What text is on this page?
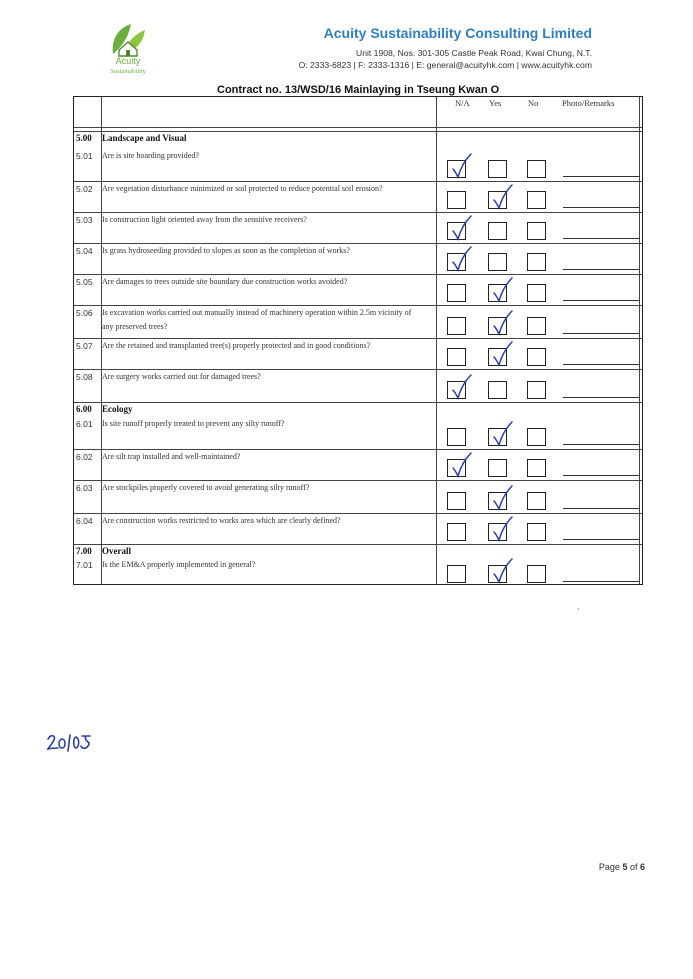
Acuity
Sustainability
Acuity Sustainability Consulting Limited
Unit 1908, Nos. 301-305 Castle Peak Road, Kwai Chung, N.T.
O: 2333-6823 | F: 2333-1316 | E: general@acuityhk.com | www.acuityhk.com
Contract no. 13/WSD/16 Mainlaying in Tseung Kwan O
N/A Yes	No	Photo/Remarks
5.00 Landscape and Visual
5.01 Are is site hoarding provided?
5.02 Are vegetation disturbance minimized or soil protected to reduce potential soil erosion?
5.03 Is construction light oriented away from the sensitive receivers?
5.04 Is grass hydroseeding provided to slopes as soon as the completion of works?
5.05 Are damages to trees outside site boundary due construction works avoided?
5.06 Is excavation works carried out manually instead of machinery operation within 2.5m vicinity of
any preserved trees?
5.07 Are the retained and transplanted tree(s) properly protected and in good conditions?
5.08 Are surgery works carried out for damaged trees?
6.00 Ecology
6.01 Is site runoff properly treated to prevent any silty runoff?
6.02 Are silt trap installed and well-maintained?
6.03 Are stockpiles properly covered to avoid generating silty runoff?
6.04 Are construction works restricted to works area which are clearly defined?
7.00 Overall
7.01 Is the EM&A properly implemented in general?
,
Page 5 of 6
